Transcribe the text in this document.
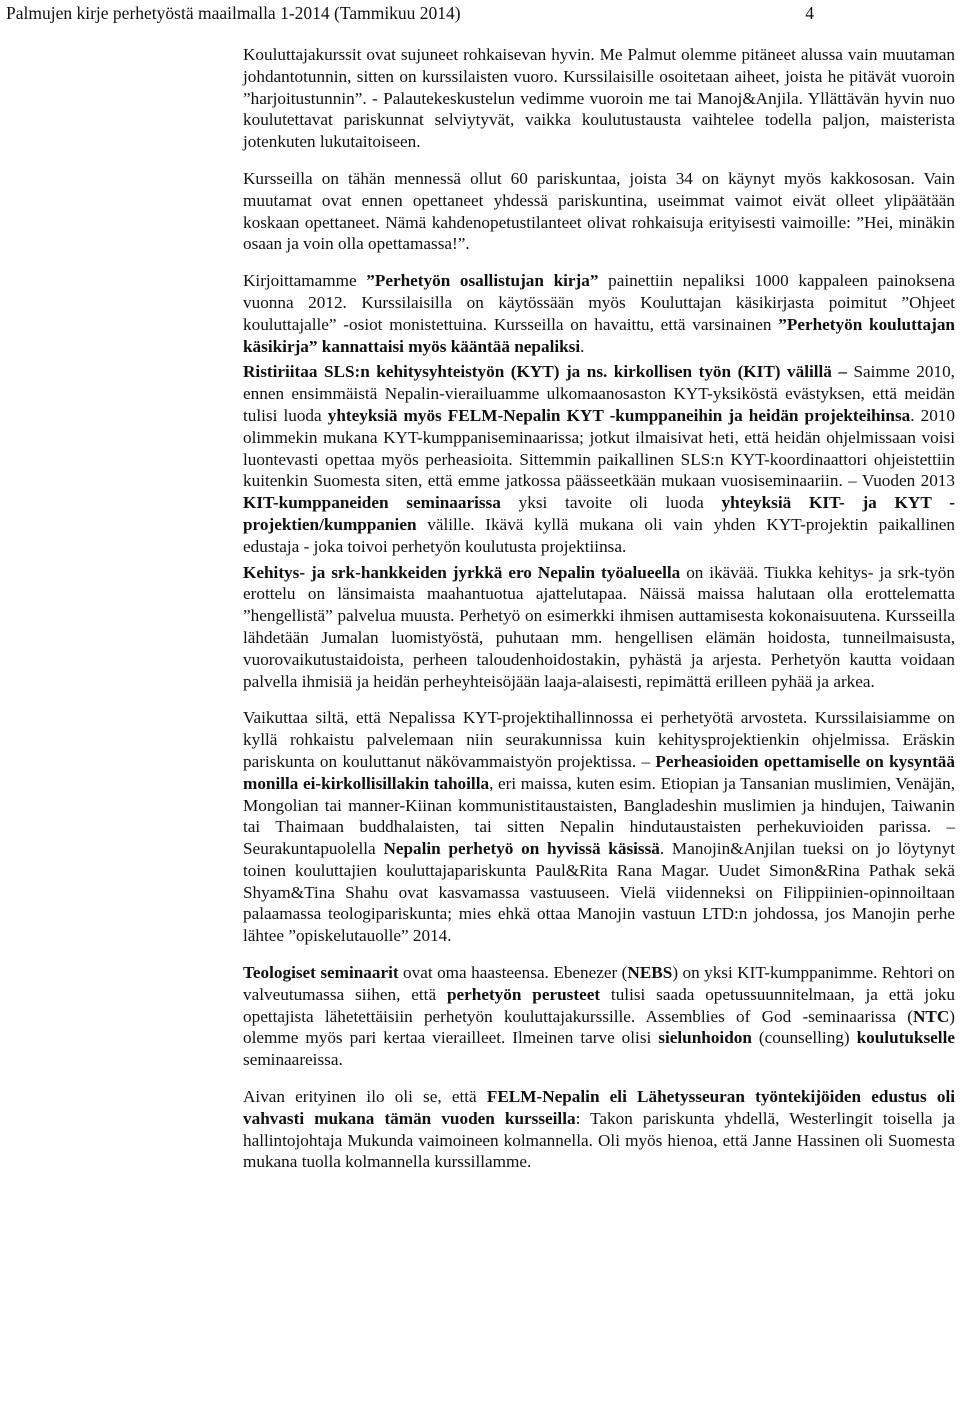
Palmujen kirje perhetyöstä maailmalla 1-2014 (Tammikuu 2014)	4

Kouluttajakurssit ovat sujuneet rohkaisevan hyvin. Me Palmut olemme pitäneet alussa vain muutaman johdantotunnin, sitten on kurssilaisten vuoro. Kurssilaisille osoitetaan aiheet, joista he pitävät vuoroin ”harjoitustunnin”. - Palautekeskustelun vedimme vuoroin me tai Manoj&Anjila. Yllättävän hyvin nuo koulutettavat pariskunnat selviytyvät, vaikka koulutustausta vaihtelee todella paljon, maisterista jotenkuten lukutaitoiseen.

Kursseilla on tähän mennessä ollut 60 pariskuntaa, joista 34 on käynyt myös kakkososan. Vain muutamat ovat ennen opettaneet yhdessä pariskuntina, useimmat vaimot eivät olleet ylipäätään koskaan opettaneet. Nämä kahdenopetustilanteet olivat rohkaisuja erityisesti vaimoille: ”Hei, minäkin osaan ja voin olla opettamassa!”.

Kirjoittamamme ”Perhetyön osallistujan kirja” painettiin nepaliksi 1000 kappaleen painoksena vuonna 2012. Kurssilaisilla on käytössään myös Kouluttajan käsikirjasta poimitut ”Ohjeet kouluttajalle” -osiot monistettuina. Kursseilla on havaittu, että varsinainen ”Perhetyön kouluttajan käsikirja” kannattaisi myös kääntää nepaliksi.

Ristiriitaa SLS:n kehitysyhteistyön (KYT) ja ns. kirkollisen työn (KIT) välillä – Saimme 2010, ennen ensimmäistä Nepalin-vierailuamme ulkomaanosaston KYT-yksiköstä evästyksen, että meidän tulisi luoda yhteyksiä myös FELM-Nepalin KYT -kumppaneihin ja heidän projekteihinsa. 2010 olimmekin mukana KYT-kumppaniseminaarissa; jotkut ilmaisivat heti, että heidän ohjelmissaan voisi luontevasti opettaa myös perheasioita. Sittemmin paikallinen SLS:n KYT-koordinaattori ohjeistettiin kuitenkin Suomesta siten, että emme jatkossa päässeetkään mukaan vuosiseminaariin. – Vuoden 2013 KIT-kumppaneiden seminaarissa yksi tavoite oli luoda yhteyksiä KIT- ja KYT -projektien/kumppanien välille. Ikävä kyllä mukana oli vain yhden KYT-projektin paikallinen edustaja - joka toivoi perhetyön koulutusta projektiinsa.

Kehitys- ja srk-hankkeiden jyrkkä ero Nepalin työalueella on ikävää. Tiukka kehitys- ja srk-työn erottelu on länsimaista maahantuotua ajattelutapaa. Näissä maissa halutaan olla erottelematta ”hengellistä” palvelua muusta. Perhetyö on esimerkki ihmisen auttamisesta kokonaisuutena. Kursseilla lähdetään Jumalan luomistyöstä, puhutaan mm. hengellisen elämän hoidosta, tunneilmaisusta, vuorovaikutustaidoista, perheen taloudenhoidostakin, pyhästä ja arjesta. Perhetyön kautta voidaan palvella ihmisiä ja heidän perheyhteisöjään laaja-alaisesti, repimättä erilleen pyhää ja arkea.

Vaikuttaa siltä, että Nepalissa KYT-projektihallinnossa ei perhetyötä arvosteta. Kurssilaisiamme on kyllä rohkaistu palvelemaan niin seurakunnissa kuin kehitysprojektienkin ohjelmissa. Eräskin pariskunta on kouluttanut näkövammaistyön projektissa. – Perheasioiden opettamiselle on kysyntää monilla ei-kirkollisillakin tahoilla, eri maissa, kuten esim. Etiopian ja Tansanian muslimien, Venäjän, Mongolian tai manner-Kiinan kommunistitaustaisten, Bangladeshin muslimien ja hindujen, Taiwanin tai Thaimaan buddhalaisten, tai sitten Nepalin hindutaustaisten perhekuvioiden parissa. – Seurakuntapuolella Nepalin perhetyö on hyvissä käsissä. Manojin&Anjilan tueksi on jo löytynyt toinen kouluttajien kouluttajapariskunta Paul&Rita Rana Magar. Uudet Simon&Rina Pathak sekä Shyam&Tina Shahu ovat kasvamassa vastuuseen. Vielä viidenneksi on Filippiinien-opinnoiltaan palaamassa teologipariskunta; mies ehkä ottaa Manojin vastuun LTD:n johdossa, jos Manojin perhe lähtee ”opiskelutauolle” 2014.

Teologiset seminaarit ovat oma haasteensa. Ebenezer (NEBS) on yksi KIT-kumppanimme. Rehtori on valveutumassa siihen, että perhetyön perusteet tulisi saada opetussuunnitelmaan, ja että joku opettajista lähetettäisiin perhetyön kouluttajakurssille. Assemblies of God -seminaarissa (NTC) olemme myös pari kertaa vierailleet. Ilmeinen tarve olisi sielunhoidon (counselling) koulutukselle seminaareissa.

Aivan erityinen ilo oli se, että FELM-Nepalin eli Lähetysseuran työntekijöiden edustus oli vahvasti mukana tämän vuoden kursseilla: Takon pariskunta yhdellä, Westerlingit toisella ja hallintojohtaja Mukunda vaimoineen kolmannella. Oli myös hienoa, että Janne Hassinen oli Suomesta mukana tuolla kolmannella kurssillamme.
